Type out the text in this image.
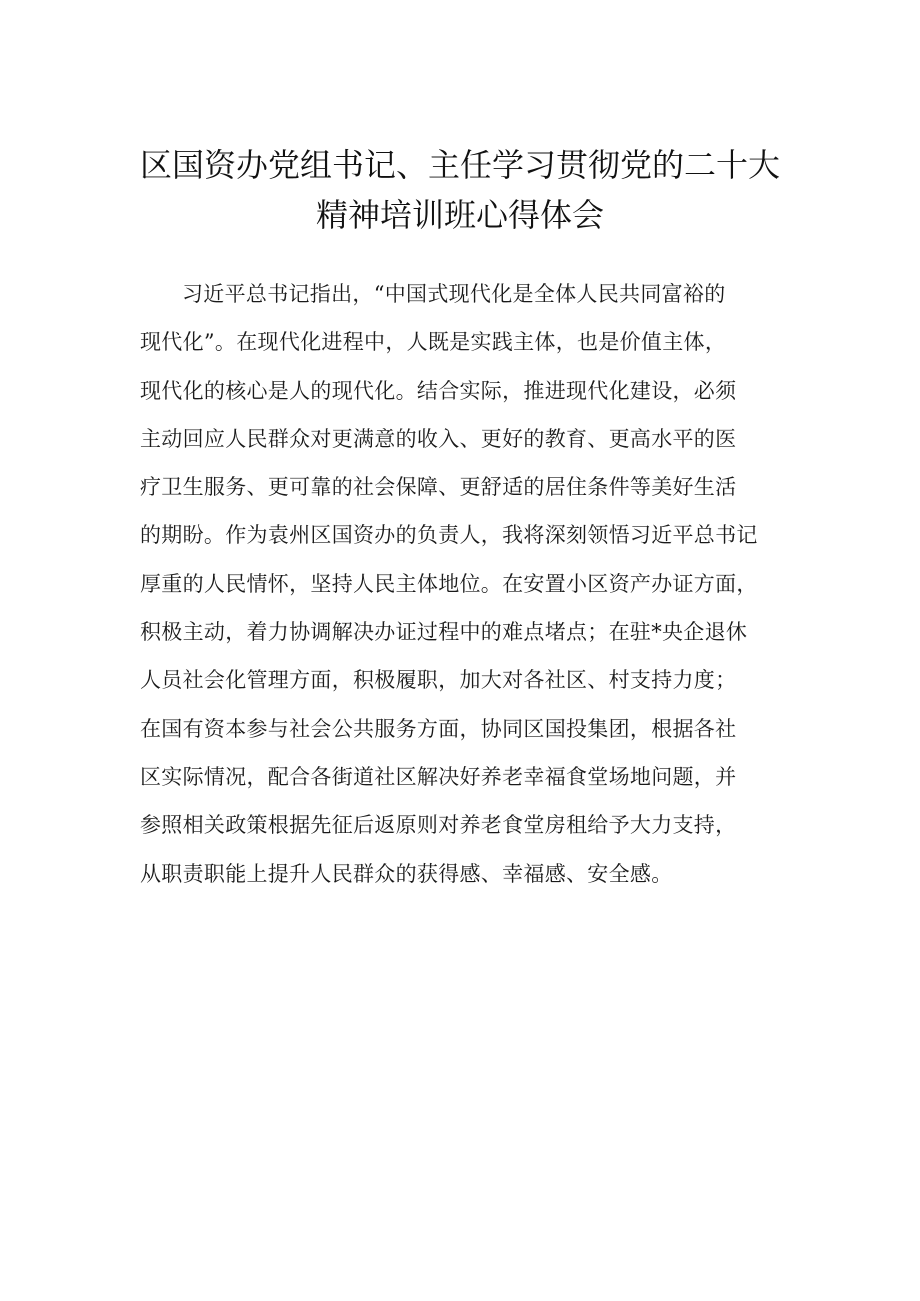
区国资办党组书记、主任学习贯彻党的二十大
精神培训班心得体会
习近平总书记指出，“中国式现代化是全体人民共同富裕的
现代化”。在现代化进程中，人既是实践主体，也是价值主体，
现代化的核心是人的现代化。结合实际，推进现代化建设，必须
主动回应人民群众对更满意的收入、更好的教育、更高水平的医
疗卫生服务、更可靠的社会保障、更舒适的居住条件等美好生活
的期盼。作为袁州区国资办的负责人，我将深刻领悟习近平总书记
厚重的人民情怀，坚持人民主体地位。在安置小区资产办证方面，
积极主动，着力协调解决办证过程中的难点堵点；在驻*央企退休
人员社会化管理方面，积极履职，加大对各社区、村支持力度；
在国有资本参与社会公共服务方面，协同区国投集团，根据各社
区实际情况，配合各街道社区解决好养老幸福食堂场地问题，并
参照相关政策根据先征后返原则对养老食堂房租给予大力支持，
从职责职能上提升人民群众的获得感、幸福感、安全感。
